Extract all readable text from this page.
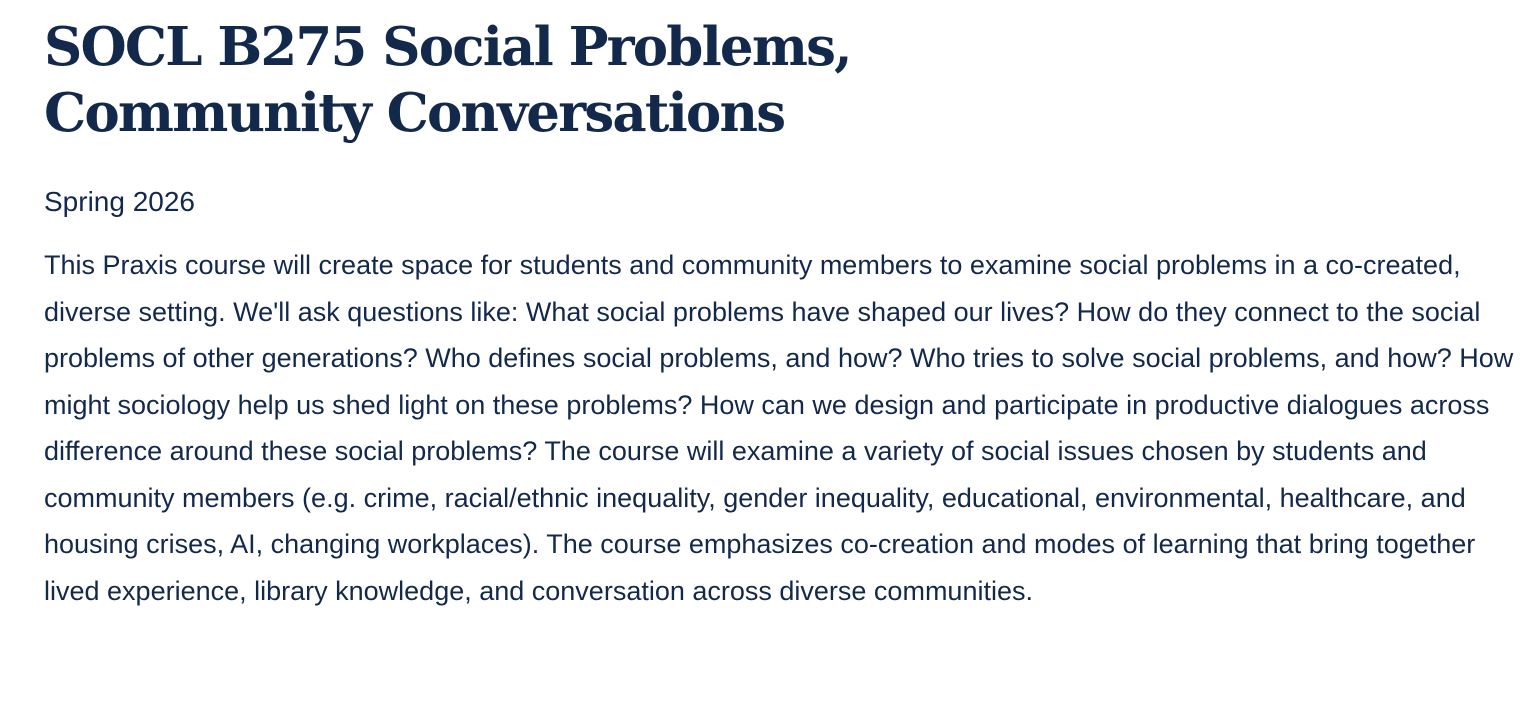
SOCL B275 Social Problems, Community Conversations

Spring 2026

This Praxis course will create space for students and community members to examine social problems in a co-created, diverse setting. We'll ask questions like: What social problems have shaped our lives? How do they connect to the social problems of other generations? Who defines social problems, and how? Who tries to solve social problems, and how? How might sociology help us shed light on these problems? How can we design and participate in productive dialogues across difference around these social problems? The course will examine a variety of social issues chosen by students and community members (e.g. crime, racial/ethnic inequality, gender inequality, educational, environmental, healthcare, and housing crises, AI, changing workplaces). The course emphasizes co-creation and modes of learning that bring together lived experience, library knowledge, and conversation across diverse communities.
